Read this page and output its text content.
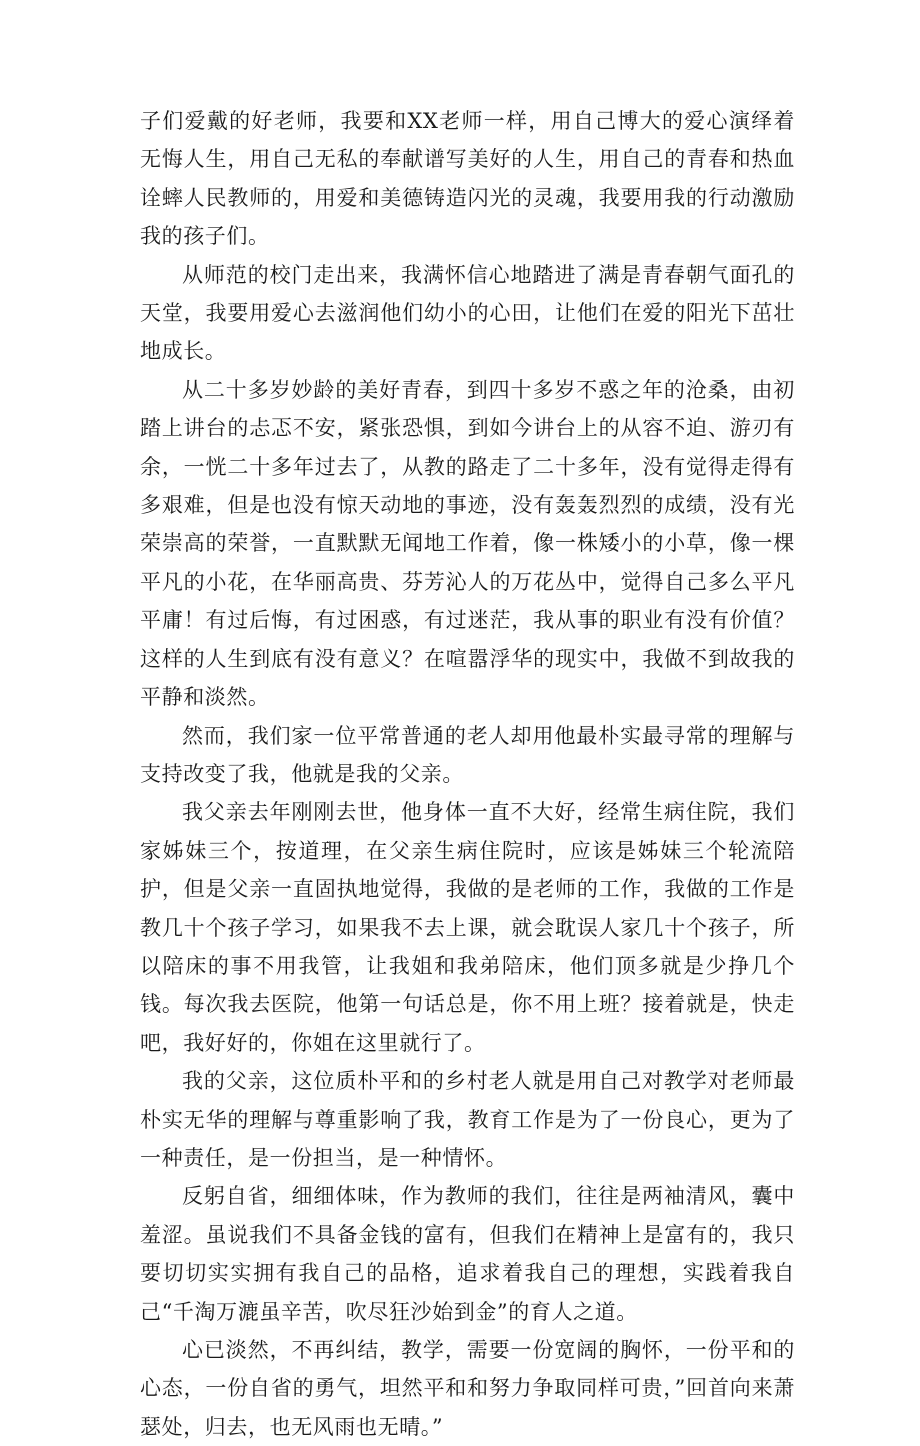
子们爱戴的好老师，我要和XX老师一样，用自己博大的爱心演绎着无悔人生，用自己无私的奉献谱写美好的人生，用自己的青春和热血诠蟀人民教师的，用爱和美德铸造闪光的灵魂，我要用我的行动激励我的孩子们。

从师范的校门走出来，我满怀信心地踏进了满是青春朝气面孔的天堂，我要用爱心去滋润他们幼小的心田，让他们在爱的阳光下茁壮地成长。

从二十多岁妙龄的美好青春，到四十多岁不惑之年的沧桑，由初踏上讲台的忐忑不安，紧张恐惧，到如今讲台上的从容不迫、游刃有余，一恍二十多年过去了，从教的路走了二十多年，没有觉得走得有多艰难，但是也没有惊天动地的事迹，没有轰轰烈烈的成绩，没有光荣崇高的荣誉，一直默默无闻地工作着，像一株矮小的小草，像一棵平凡的小花，在华丽高贵、芬芳沁人的万花丛中，觉得自己多么平凡平庸！有过后悔，有过困惑，有过迷茫，我从事的职业有没有价值？这样的人生到底有没有意义？在喧嚣浮华的现实中，我做不到故我的平静和淡然。

然而，我们家一位平常普通的老人却用他最朴实最寻常的理解与支持改变了我，他就是我的父亲。

我父亲去年刚刚去世，他身体一直不大好，经常生病住院，我们家姊妹三个，按道理，在父亲生病住院时，应该是姊妹三个轮流陪护，但是父亲一直固执地觉得，我做的是老师的工作，我做的工作是教几十个孩子学习，如果我不去上课，就会耽误人家几十个孩子，所以陪床的事不用我管，让我姐和我弟陪床，他们顶多就是少挣几个钱。每次我去医院，他第一句话总是，你不用上班？接着就是，快走吧，我好好的，你姐在这里就行了。

我的父亲，这位质朴平和的乡村老人就是用自己对教学对老师最朴实无华的理解与尊重影响了我，教育工作是为了一份良心，更为了一种责任，是一份担当，是一种情怀。

反躬自省，细细体味，作为教师的我们，往往是两袖清风，囊中羞涩。虽说我们不具备金钱的富有，但我们在精神上是富有的，我只要切切实实拥有我自己的品格，追求着我自己的理想，实践着我自己“千淘万漉虽辛苦，吹尽狂沙始到金”的育人之道。

心已淡然，不再纠结，教学，需要一份宽阔的胸怀，一份平和的心态，一份自省的勇气，坦然平和和努力争取同样可贵，”回首向来萧瑟处，归去，也无风雨也无晴。”
